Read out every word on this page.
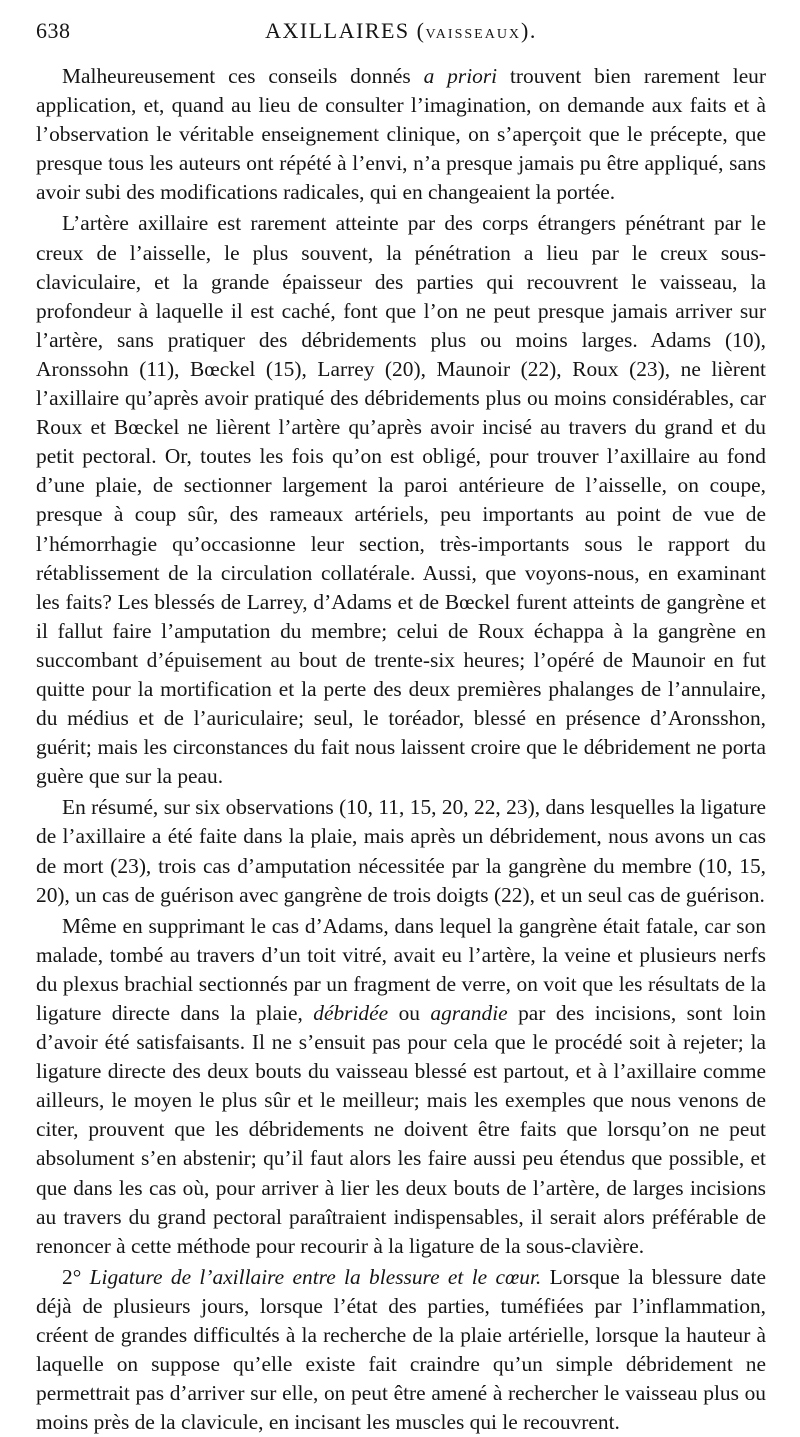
638	AXILLAIRES (VAISSEAUX).

Malheureusement ces conseils donnés a priori trouvent bien rarement leur application, et, quand au lieu de consulter l’imagination, on demande aux faits et à l’observation le véritable enseignement clinique, on s’aperçoit que le précepte, que presque tous les auteurs ont répété à l’envi, n’a presque jamais pu être appliqué, sans avoir subi des modifications radicales, qui en changeaient la portée.

L’artère axillaire est rarement atteinte par des corps étrangers pénétrant par le creux de l’aisselle, le plus souvent, la pénétration a lieu par le creux sous-claviculaire, et la grande épaisseur des parties qui recouvrent le vaisseau, la profondeur à laquelle il est caché, font que l’on ne peut presque jamais arriver sur l’artère, sans pratiquer des débridements plus ou moins larges. Adams (10), Aronssohn (11), Bœckel (15), Larrey (20), Maunoir (22), Roux (23), ne lièrent l’axillaire qu’après avoir pratiqué des débridements plus ou moins considérables, car Roux et Bœckel ne lièrent l’artère qu’après avoir incisé au travers du grand et du petit pectoral. Or, toutes les fois qu’on est obligé, pour trouver l’axillaire au fond d’une plaie, de sectionner largement la paroi antérieure de l’aisselle, on coupe, presque à coup sûr, des rameaux artériels, peu importants au point de vue de l’hémorrhagie qu’occasionne leur section, très-importants sous le rapport du rétablissement de la circulation collatérale. Aussi, que voyons-nous, en examinant les faits? Les blessés de Larrey, d’Adams et de Bœckel furent atteints de gangrène et il fallut faire l’amputation du membre; celui de Roux échappa à la gangrène en succombant d’épuisement au bout de trente-six heures; l’opéré de Maunoir en fut quitte pour la mortification et la perte des deux premières phalanges de l’annulaire, du médius et de l’auriculaire; seul, le toréador, blessé en présence d’Aronsshon, guérit; mais les circonstances du fait nous laissent croire que le débridement ne porta guère que sur la peau.

En résumé, sur six observations (10, 11, 15, 20, 22, 23), dans lesquelles la ligature de l’axillaire a été faite dans la plaie, mais après un débridement, nous avons un cas de mort (23), trois cas d’amputation nécessitée par la gangrène du membre (10, 15, 20), un cas de guérison avec gangrène de trois doigts (22), et un seul cas de guérison.

Même en supprimant le cas d’Adams, dans lequel la gangrène était fatale, car son malade, tombé au travers d’un toit vitré, avait eu l’artère, la veine et plusieurs nerfs du plexus brachial sectionnés par un fragment de verre, on voit que les résultats de la ligature directe dans la plaie, débridée ou agrandie par des incisions, sont loin d’avoir été satisfaisants. Il ne s’ensuit pas pour cela que le procédé soit à rejeter; la ligature directe des deux bouts du vaisseau blessé est partout, et à l’axillaire comme ailleurs, le moyen le plus sûr et le meilleur; mais les exemples que nous venons de citer, prouvent que les débridements ne doivent être faits que lorsqu’on ne peut absolument s’en abstenir; qu’il faut alors les faire aussi peu étendus que possible, et que dans les cas où, pour arriver à lier les deux bouts de l’artère, de larges incisions au travers du grand pectoral paraîtraient indispensables, il serait alors préférable de renoncer à cette méthode pour recourir à la ligature de la sous-clavière.

2° Ligature de l’axillaire entre la blessure et le cœur. Lorsque la blessure date déjà de plusieurs jours, lorsque l’état des parties, tuméfiées par l’inflammation, créent de grandes difficultés à la recherche de la plaie artérielle, lorsque la hauteur à laquelle on suppose qu’elle existe fait craindre qu’un simple débridement ne permettrait pas d’arriver sur elle, on peut être amené à rechercher le vaisseau plus ou moins près de la clavicule, en incisant les muscles qui le recouvrent.
